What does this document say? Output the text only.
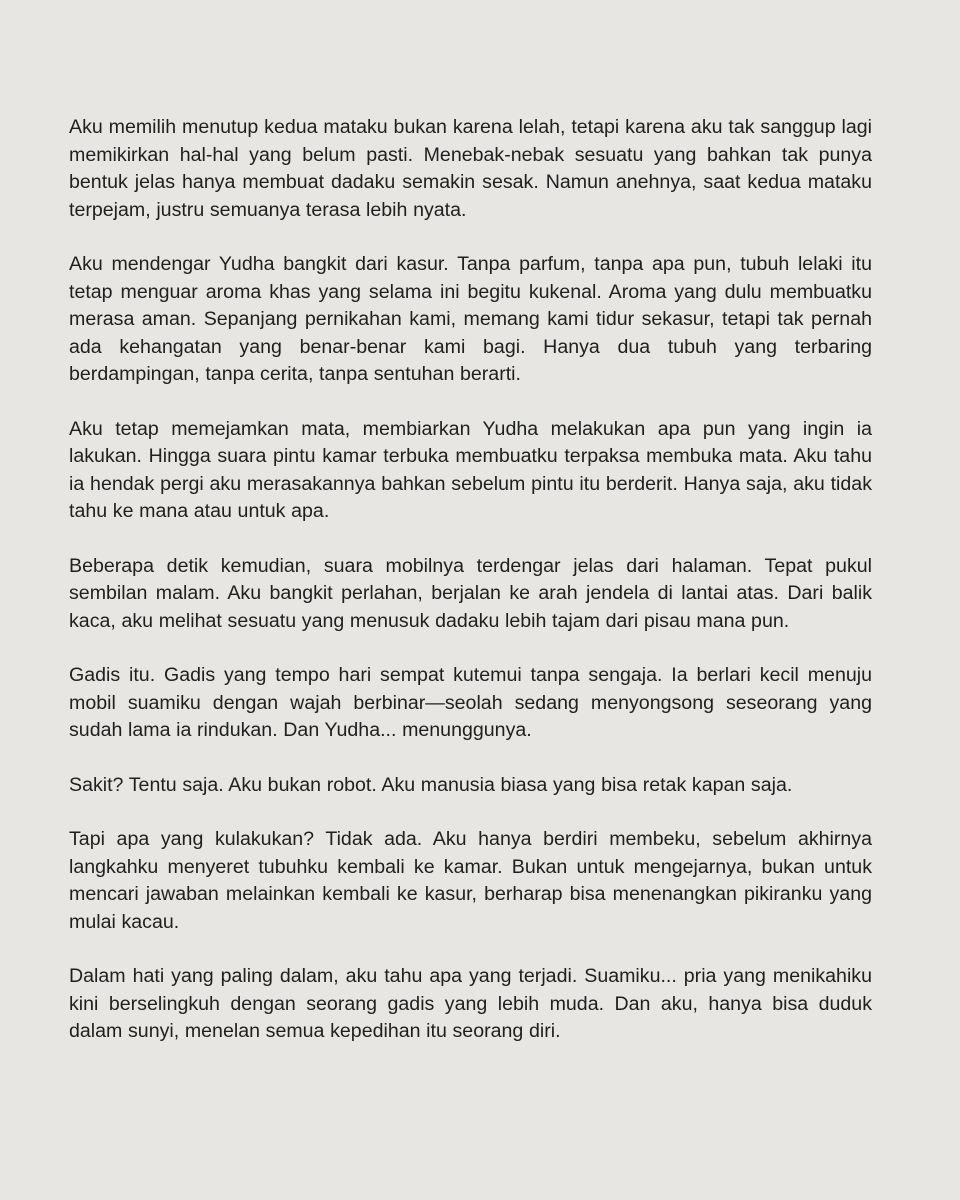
Aku memilih menutup kedua mataku bukan karena lelah, tetapi karena aku tak sanggup lagi memikirkan hal-hal yang belum pasti. Menebak-nebak sesuatu yang bahkan tak punya bentuk jelas hanya membuat dadaku semakin sesak. Namun anehnya, saat kedua mataku terpejam, justru semuanya terasa lebih nyata.

Aku mendengar Yudha bangkit dari kasur. Tanpa parfum, tanpa apa pun, tubuh lelaki itu tetap menguar aroma khas yang selama ini begitu kukenal. Aroma yang dulu membuatku merasa aman. Sepanjang pernikahan kami, memang kami tidur sekasur, tetapi tak pernah ada kehangatan yang benar-benar kami bagi. Hanya dua tubuh yang terbaring berdampingan, tanpa cerita, tanpa sentuhan berarti.

Aku tetap memejamkan mata, membiarkan Yudha melakukan apa pun yang ingin ia lakukan. Hingga suara pintu kamar terbuka membuatku terpaksa membuka mata. Aku tahu ia hendak pergi aku merasakannya bahkan sebelum pintu itu berderit. Hanya saja, aku tidak tahu ke mana atau untuk apa.

Beberapa detik kemudian, suara mobilnya terdengar jelas dari halaman. Tepat pukul sembilan malam. Aku bangkit perlahan, berjalan ke arah jendela di lantai atas. Dari balik kaca, aku melihat sesuatu yang menusuk dadaku lebih tajam dari pisau mana pun.

Gadis itu. Gadis yang tempo hari sempat kutemui tanpa sengaja. Ia berlari kecil menuju mobil suamiku dengan wajah berbinar—seolah sedang menyongsong seseorang yang sudah lama ia rindukan. Dan Yudha... menunggunya.

Sakit? Tentu saja. Aku bukan robot. Aku manusia biasa yang bisa retak kapan saja.

Tapi apa yang kulakukan? Tidak ada. Aku hanya berdiri membeku, sebelum akhirnya langkahku menyeret tubuhku kembali ke kamar. Bukan untuk mengejarnya, bukan untuk mencari jawaban melainkan kembali ke kasur, berharap bisa menenangkan pikiranku yang mulai kacau.

Dalam hati yang paling dalam, aku tahu apa yang terjadi. Suamiku... pria yang menikahiku kini berselingkuh dengan seorang gadis yang lebih muda. Dan aku, hanya bisa duduk dalam sunyi, menelan semua kepedihan itu seorang diri.
